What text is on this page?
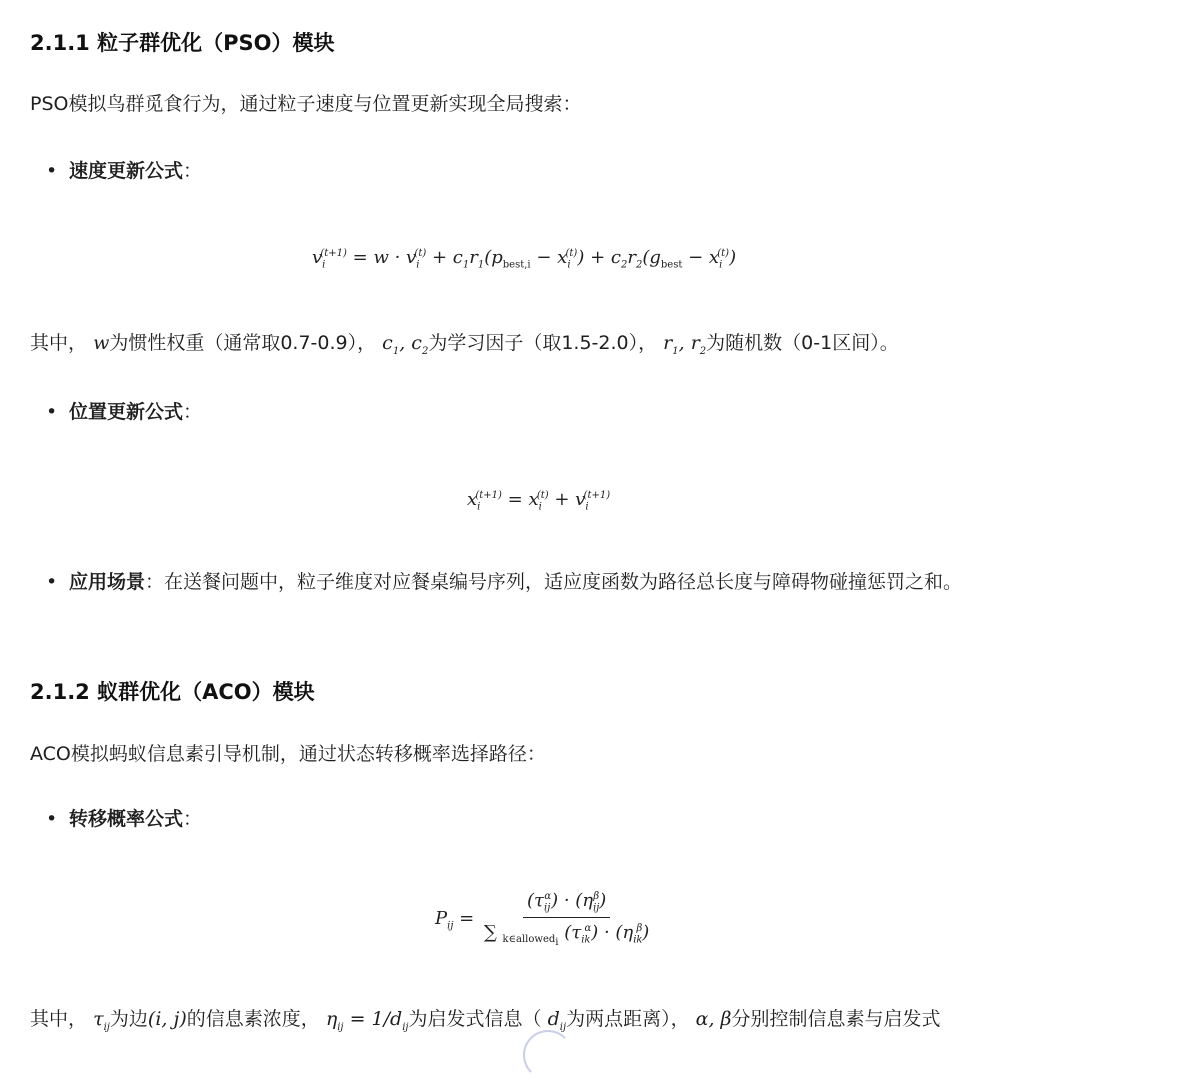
2.1.1 粒子群优化（PSO）模块

PSO模拟鸟群觅食行为，通过粒子速度与位置更新实现全局搜索：

• 速度更新公式：
$v_i^{(t+1)} = w \cdot v_i^{(t)} + c_1r_1(p_{best,i} - x_i^{(t)}) + c_2r_2(g_{best} - x_i^{(t)})$

其中， w为惯性权重（通常取0.7-0.9）， $c_1$, $c_2$为学习因子（取1.5-2.0）， $r_1$, $r_2$为随机数（0-1区间）。

• 位置更新公式：
$x_i^{(t+1)} = x_i^{(t)} + v_i^{(t+1)}$
• 应用场景：在送餐问题中，粒子维度对应餐桌编号序列，适应度函数为路径总长度与障碍物碰撞惩罚之和。
2.1.2 蚁群优化（ACO）模块

ACO模拟蚂蚁信息素引导机制，通过状态转移概率选择路径：

• 转移概率公式：
$P_{ij} = \frac{(\tau_{ij}^\alpha) \cdot (\eta_{ij}^\beta)}{\sum _{k\in allowed_i} (\tau_{ik}^\alpha) \cdot (\eta_{ik}^\beta)}$

其中， $\tau_{ij}$为边(i, j)的信息素浓度， $\eta_{ij} = 1/d_{ij}$为启发式信息（ $d_{ij}$为两点距离）， α, β分别控制信息素与启发式
